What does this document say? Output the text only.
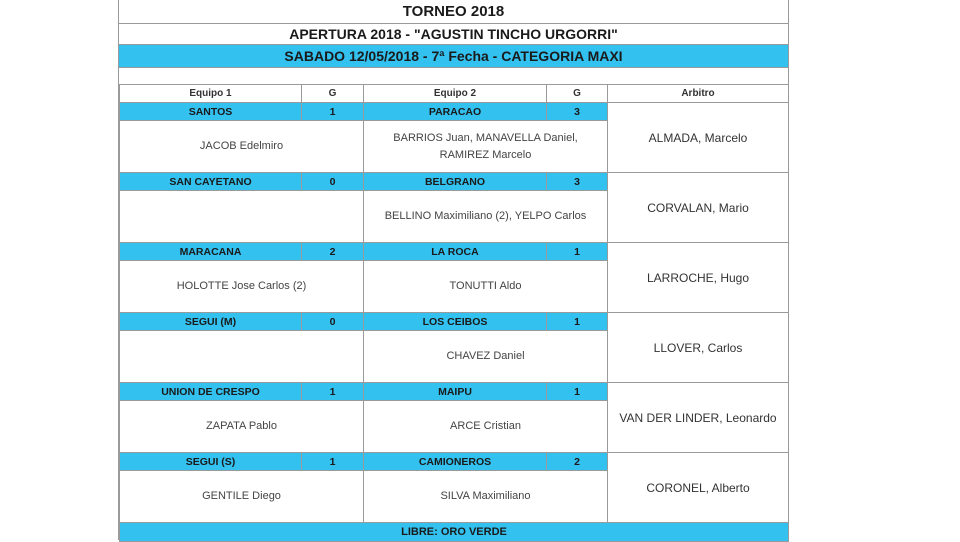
TORNEO 2018
APERTURA 2018 - "AGUSTIN TINCHO URGORRI"
SABADO 12/05/2018 - 7ª Fecha - CATEGORIA MAXI
Equipo 1	G	Equipo 2	G	Arbitro
SANTOS	1	PARACAO	3	ALMADA, Marcelo

JACOB Edelmiro		BARRIOS Juan, MANAVELLA Daniel, RAMIREZ Marcelo		

SAN CAYETANO	0	BELGRANO	3	CORVALAN, Mario

		BELLINO Maximiliano (2), YELPO Carlos		

MARACANA	2	LA ROCA	1	LARROCHE, Hugo

HOLOTTE Jose Carlos (2)		TONUTTI Aldo		

SEGUI (M)	0	LOS CEIBOS	1	LLOVER, Carlos

		CHAVEZ Daniel		

UNION DE CRESPO	1	MAIPU	1	VAN DER LINDER, Leonardo

ZAPATA Pablo		ARCE Cristian		

SEGUI (S)	1	CAMIONEROS	2	CORONEL, Alberto

GENTILE Diego		SILVA Maximiliano		

LIBRE: ORO VERDE				
